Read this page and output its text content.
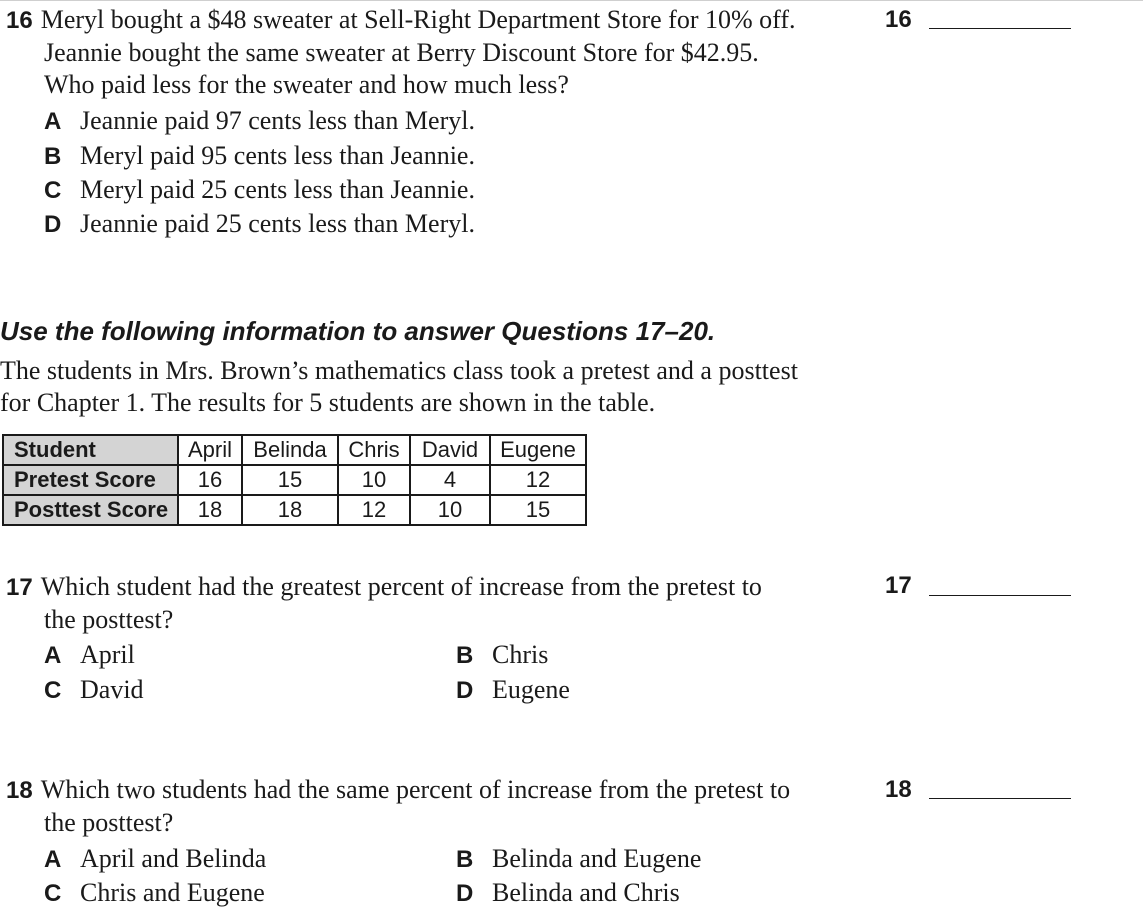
16 Meryl bought a $48 sweater at Sell-Right Department Store for 10% off.
Jeannie bought the same sweater at Berry Discount Store for $42.95.
Who paid less for the sweater and how much less?
A Jeannie paid 97 cents less than Meryl.
B Meryl paid 95 cents less than Jeannie.
C Meryl paid 25 cents less than Jeannie.
D Jeannie paid 25 cents less than Meryl.
16
Use the following information to answer Questions 17–20.
The students in Mrs. Brown’s mathematics class took a pretest and a posttest
for Chapter 1. The results for 5 students are shown in the table.
Student	April	Belinda	Chris	David	Eugene
Pretest Score	16	15	10	4	12
Posttest Score	18	18	12	10	15
17 Which student had the greatest percent of increase from the pretest to
the posttest?
A April	B Chris
C David	D Eugene
17
18 Which two students had the same percent of increase from the pretest to
the posttest?
A April and Belinda	B Belinda and Eugene
C Chris and Eugene	D Belinda and Chris
18
